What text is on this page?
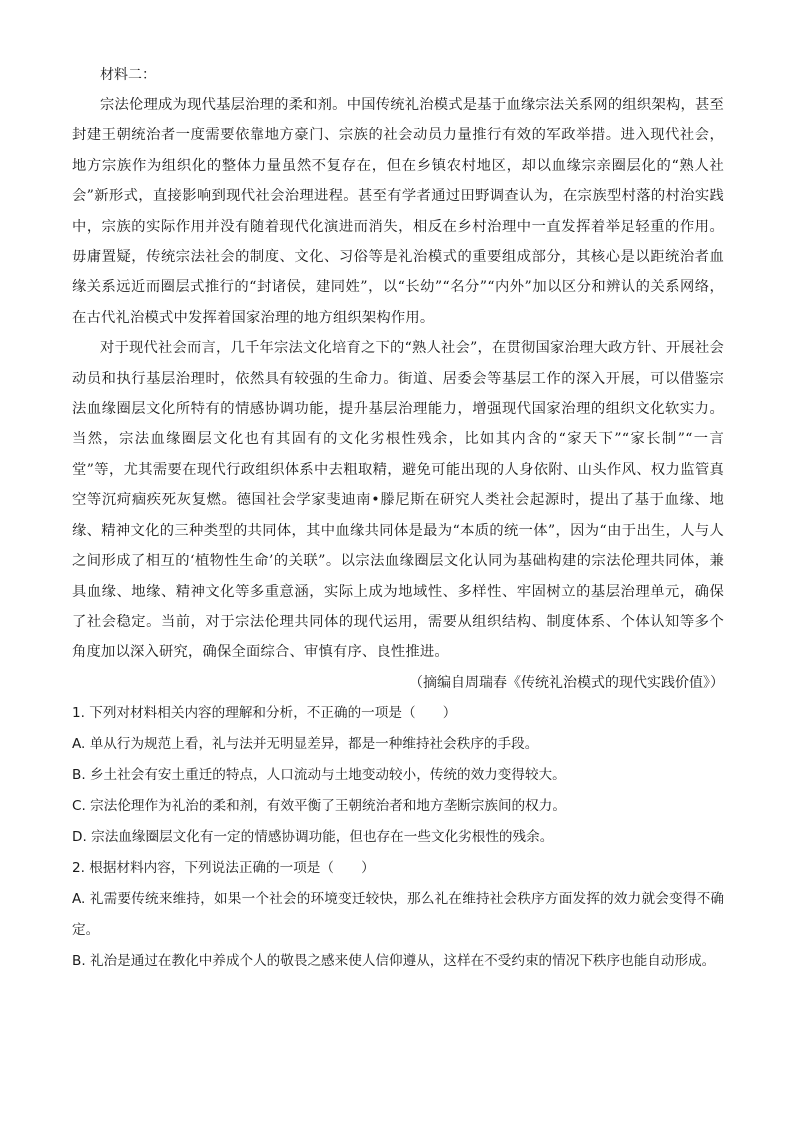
材料二：

宗法伦理成为现代基层治理的柔和剂。中国传统礼治模式是基于血缘宗法关系网的组织架构，甚至封建王朝统治者一度需要依靠地方豪门、宗族的社会动员力量推行有效的军政举措。进入现代社会，地方宗族作为组织化的整体力量虽然不复存在，但在乡镇农村地区，却以血缘宗亲圈层化的“熟人社会”新形式，直接影响到现代社会治理进程。甚至有学者通过田野调查认为，在宗族型村落的村治实践中，宗族的实际作用并没有随着现代化演进而消失，相反在乡村治理中一直发挥着举足轻重的作用。毋庸置疑，传统宗法社会的制度、文化、习俗等是礼治模式的重要组成部分，其核心是以距统治者血缘关系远近而圈层式推行的“封诸侯，建同姓”，以“长幼”“名分”“内外”加以区分和辨认的关系网络，在古代礼治模式中发挥着国家治理的地方组织架构作用。

对于现代社会而言，几千年宗法文化培育之下的“熟人社会”，在贯彻国家治理大政方针、开展社会动员和执行基层治理时，依然具有较强的生命力。街道、居委会等基层工作的深入开展，可以借鉴宗法血缘圈层文化所特有的情感协调功能，提升基层治理能力，增强现代国家治理的组织文化软实力。当然，宗法血缘圈层文化也有其固有的文化劣根性残余，比如其内含的“家天下”“家长制”“一言堂”等，尤其需要在现代行政组织体系中去粗取精，避免可能出现的人身依附、山头作风、权力监管真空等沉疴痼疾死灰复燃。德国社会学家斐迪南•滕尼斯在研究人类社会起源时，提出了基于血缘、地缘、精神文化的三种类型的共同体，其中血缘共同体是最为“本质的统一体”，因为“由于出生，人与人之间形成了相互的‘植物性生命’的关联”。以宗法血缘圈层文化认同为基础构建的宗法伦理共同体，兼具血缘、地缘、精神文化等多重意涵，实际上成为地域性、多样性、牢固树立的基层治理单元，确保了社会稳定。当前，对于宗法伦理共同体的现代运用，需要从组织结构、制度体系、个体认知等多个角度加以深入研究，确保全面综合、审慎有序、良性推进。

（摘编自周瑞春《传统礼治模式的现代实践价值》）

1. 下列对材料相关内容的理解和分析，不正确的一项是（　　）

A. 单从行为规范上看，礼与法并无明显差异，都是一种维持社会秩序的手段。

B. 乡土社会有安土重迁的特点，人口流动与土地变动较小，传统的效力变得较大。

C. 宗法伦理作为礼治的柔和剂，有效平衡了王朝统治者和地方垄断宗族间的权力。

D. 宗法血缘圈层文化有一定的情感协调功能，但也存在一些文化劣根性的残余。

2. 根据材料内容，下列说法正确的一项是（　　）

A. 礼需要传统来维持，如果一个社会的环境变迁较快，那么礼在维持社会秩序方面发挥的效力就会变得不确定。

B. 礼治是通过在教化中养成个人的敬畏之感来使人信仰遵从，这样在不受约束的情况下秩序也能自动形成。
